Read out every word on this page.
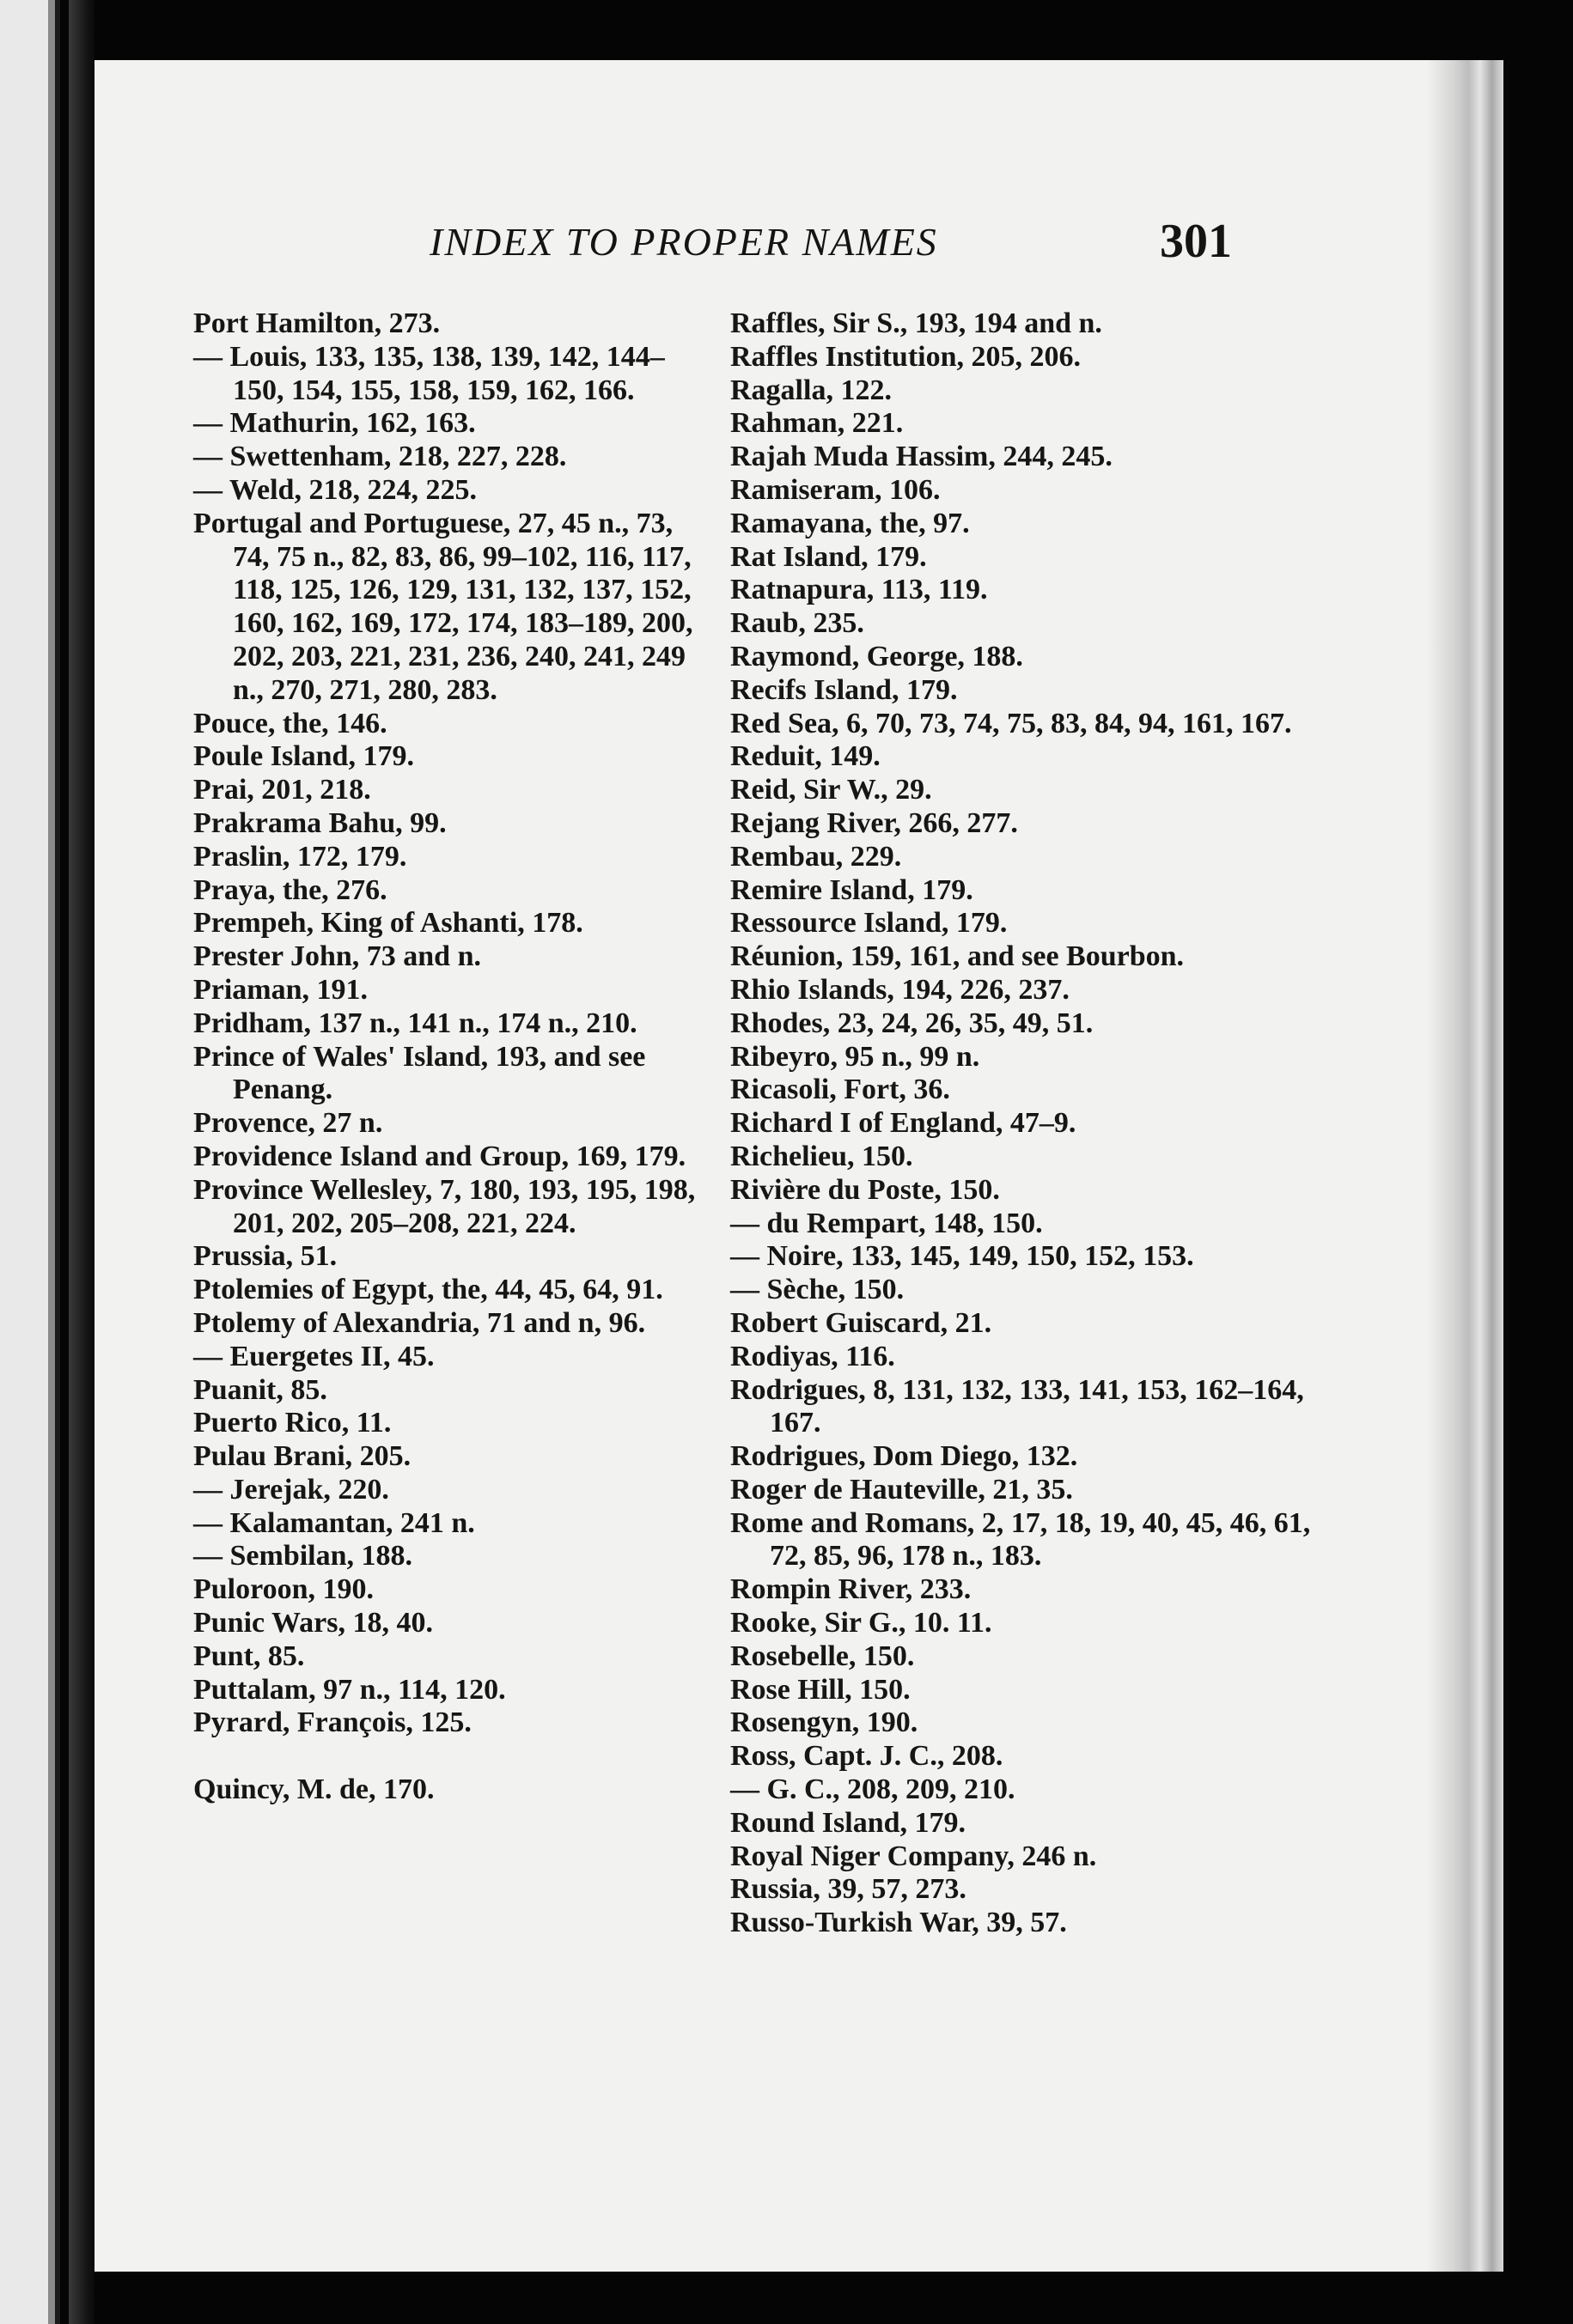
INDEX TO PROPER NAMES	301

Port Hamilton, 273.

— Louis, 133, 135, 138, 139, 142, 144–150, 154, 155, 158, 159, 162, 166.

— Mathurin, 162, 163.

— Swettenham, 218, 227, 228.

— Weld, 218, 224, 225.

Portugal and Portuguese, 27, 45 n., 73, 74, 75 n., 82, 83, 86, 99–102, 116, 117, 118, 125, 126, 129, 131, 132, 137, 152, 160, 162, 169, 172, 174, 183–189, 200, 202, 203, 221, 231, 236, 240, 241, 249 n., 270, 271, 280, 283.

Pouce, the, 146.

Poule Island, 179.

Prai, 201, 218.

Prakrama Bahu, 99.

Praslin, 172, 179.

Praya, the, 276.

Prempeh, King of Ashanti, 178.

Prester John, 73 and n.

Priaman, 191.

Pridham, 137 n., 141 n., 174 n., 210.

Prince of Wales' Island, 193, and see Penang.

Provence, 27 n.

Providence Island and Group, 169, 179.

Province Wellesley, 7, 180, 193, 195, 198, 201, 202, 205–208, 221, 224.

Prussia, 51.

Ptolemies of Egypt, the, 44, 45, 64, 91.

Ptolemy of Alexandria, 71 and n, 96.

— Euergetes II, 45.

Puanit, 85.

Puerto Rico, 11.

Pulau Brani, 205.

— Jerejak, 220.

— Kalamantan, 241 n.

— Sembilan, 188.

Puloroon, 190.

Punic Wars, 18, 40.

Punt, 85.

Puttalam, 97 n., 114, 120.

Pyrard, François, 125.

Quincy, M. de, 170.

Raffles, Sir S., 193, 194 and n.

Raffles Institution, 205, 206.

Ragalla, 122.

Rahman, 221.

Rajah Muda Hassim, 244, 245.

Ramiseram, 106.

Ramayana, the, 97.

Rat Island, 179.

Ratnapura, 113, 119.

Raub, 235.

Raymond, George, 188.

Recifs Island, 179.

Red Sea, 6, 70, 73, 74, 75, 83, 84, 94, 161, 167.

Reduit, 149.

Reid, Sir W., 29.

Rejang River, 266, 277.

Rembau, 229.

Remire Island, 179.

Ressource Island, 179.

Réunion, 159, 161, and see Bourbon.

Rhio Islands, 194, 226, 237.

Rhodes, 23, 24, 26, 35, 49, 51.

Ribeyro, 95 n., 99 n.

Ricasoli, Fort, 36.

Richard I of England, 47–9.

Richelieu, 150.

Rivière du Poste, 150.

— du Rempart, 148, 150.

— Noire, 133, 145, 149, 150, 152, 153.

— Sèche, 150.

Robert Guiscard, 21.

Rodiyas, 116.

Rodrigues, 8, 131, 132, 133, 141, 153, 162–164, 167.

Rodrigues, Dom Diego, 132.

Roger de Hauteville, 21, 35.

Rome and Romans, 2, 17, 18, 19, 40, 45, 46, 61, 72, 85, 96, 178 n., 183.

Rompin River, 233.

Rooke, Sir G., 10. 11.

Rosebelle, 150.

Rose Hill, 150.

Rosengyn, 190.

Ross, Capt. J. C., 208.

— G. C., 208, 209, 210.

Round Island, 179.

Royal Niger Company, 246 n.

Russia, 39, 57, 273.

Russo-Turkish War, 39, 57.
